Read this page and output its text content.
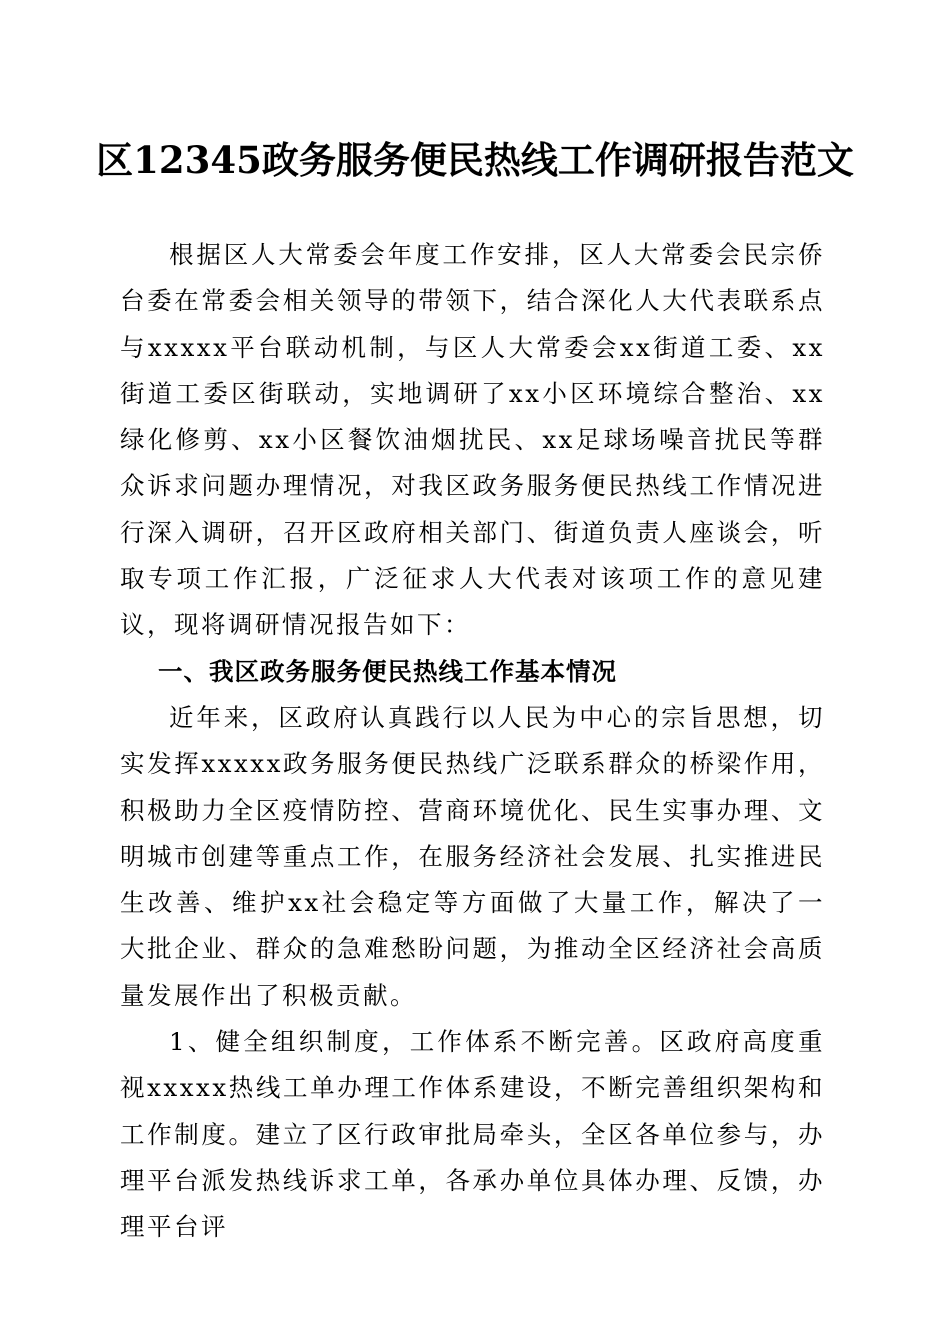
区12345政务服务便民热线工作调研报告范文

根据区人大常委会年度工作安排，区人大常委会民宗侨台委在常委会相关领导的带领下，结合深化人大代表联系点与xxxxx平台联动机制，与区人大常委会xx街道工委、xx街道工委区街联动，实地调研了xx小区环境综合整治、xx绿化修剪、xx小区餐饮油烟扰民、xx足球场噪音扰民等群众诉求问题办理情况，对我区政务服务便民热线工作情况进行深入调研，召开区政府相关部门、街道负责人座谈会，听取专项工作汇报，广泛征求人大代表对该项工作的意见建议，现将调研情况报告如下：

一、我区政务服务便民热线工作基本情况

近年来，区政府认真践行以人民为中心的宗旨思想，切实发挥xxxxx政务服务便民热线广泛联系群众的桥梁作用，积极助力全区疫情防控、营商环境优化、民生实事办理、文明城市创建等重点工作，在服务经济社会发展、扎实推进民生改善、维护xx社会稳定等方面做了大量工作，解决了一大批企业、群众的急难愁盼问题，为推动全区经济社会高质量发展作出了积极贡献。

1、健全组织制度，工作体系不断完善。区政府高度重视xxxxx热线工单办理工作体系建设，不断完善组织架构和工作制度。建立了区行政审批局牵头，全区各单位参与，办理平台派发热线诉求工单，各承办单位具体办理、反馈，办理平台评
